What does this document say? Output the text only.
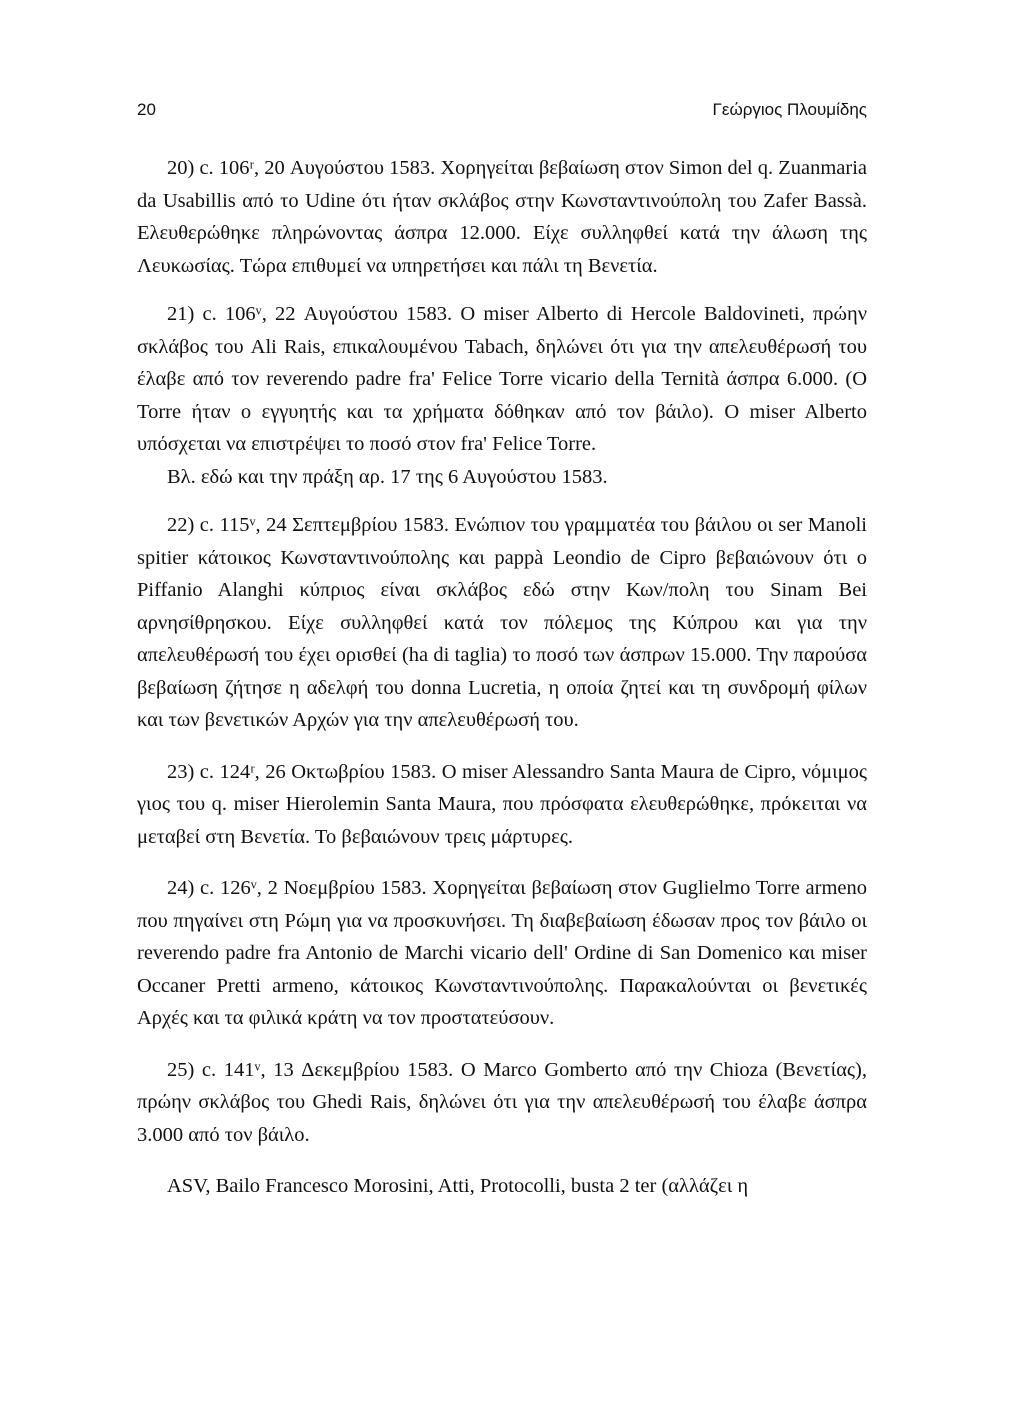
20	Γεώργιος Πλουμίδης

20) c. 106ʳ, 20 Αυγούστου 1583. Χορηγείται βεβαίωση στον Simon del q. Zuanmaria da Usabillis από το Udine ότι ήταν σκλάβος στην Κωνσταντινούπολη του Zafer Bassà. Ελευθερώθηκε πληρώνοντας άσπρα 12.000. Είχε συλληφθεί κατά την άλωση της Λευκωσίας. Τώρα επιθυμεί να υπηρετήσει και πάλι τη Βενετία.

21) c. 106ᵛ, 22 Αυγούστου 1583. Ο miser Alberto di Hercole Baldovineti, πρώην σκλάβος του Ali Rais, επικαλουμένου Tabach, δηλώνει ότι για την απελευθέρωσή του έλαβε από τον reverendo padre fra' Felice Torre vicario della Ternità άσπρα 6.000. (Ο Torre ήταν ο εγγυητής και τα χρήματα δόθηκαν από τον βάιλο). Ο miser Alberto υπόσχεται να επιστρέψει το ποσό στον fra' Felice Torre.

Βλ. εδώ και την πράξη αρ. 17 της 6 Αυγούστου 1583.

22) c. 115ᵛ, 24 Σεπτεμβρίου 1583. Ενώπιον του γραμματέα του βάιλου οι ser Manoli spitier κάτοικος Κωνσταντινούπολης και pappà Leondio de Cipro βεβαιώνουν ότι ο Piffanio Alanghi κύπριος είναι σκλάβος εδώ στην Κων/πολη του Sinam Bei αρνησίθρησκου. Είχε συλληφθεί κατά τον πόλεμος της Κύπρου και για την απελευθέρωσή του έχει ορισθεί (ha di taglia) το ποσό των άσπρων 15.000. Την παρούσα βεβαίωση ζήτησε η αδελφή του donna Lucretia, η οποία ζητεί και τη συνδρομή φίλων και των βενετικών Αρχών για την απελευθέρωσή του.

23) c. 124ʳ, 26 Οκτωβρίου 1583. Ο miser Alessandro Santa Maura de Cipro, νόμιμος γιος του q. miser Hierolemin Santa Maura, που πρόσφατα ελευθερώθηκε, πρόκειται να μεταβεί στη Βενετία. Το βεβαιώνουν τρεις μάρτυρες.

24) c. 126ᵛ, 2 Νοεμβρίου 1583. Χορηγείται βεβαίωση στον Guglielmo Torre armeno που πηγαίνει στη Ρώμη για να προσκυνήσει. Τη διαβεβαίωση έδωσαν προς τον βάιλο οι reverendo padre fra Antonio de Marchi vicario dell' Ordine di San Domenico και miser Occaner Pretti armeno, κάτοικος Κωνσταντινούπολης. Παρακαλούνται οι βενετικές Αρχές και τα φιλικά κράτη να τον προστατεύσουν.

25) c. 141ᵛ, 13 Δεκεμβρίου 1583. Ο Marco Gomberto από την Chioza (Βενετίας), πρώην σκλάβος του Ghedi Rais, δηλώνει ότι για την απελευθέρωσή του έλαβε άσπρα 3.000 από τον βάιλο.

ASV, Bailo Francesco Morosini, Atti, Protocolli, busta 2 ter (αλλάζει η
